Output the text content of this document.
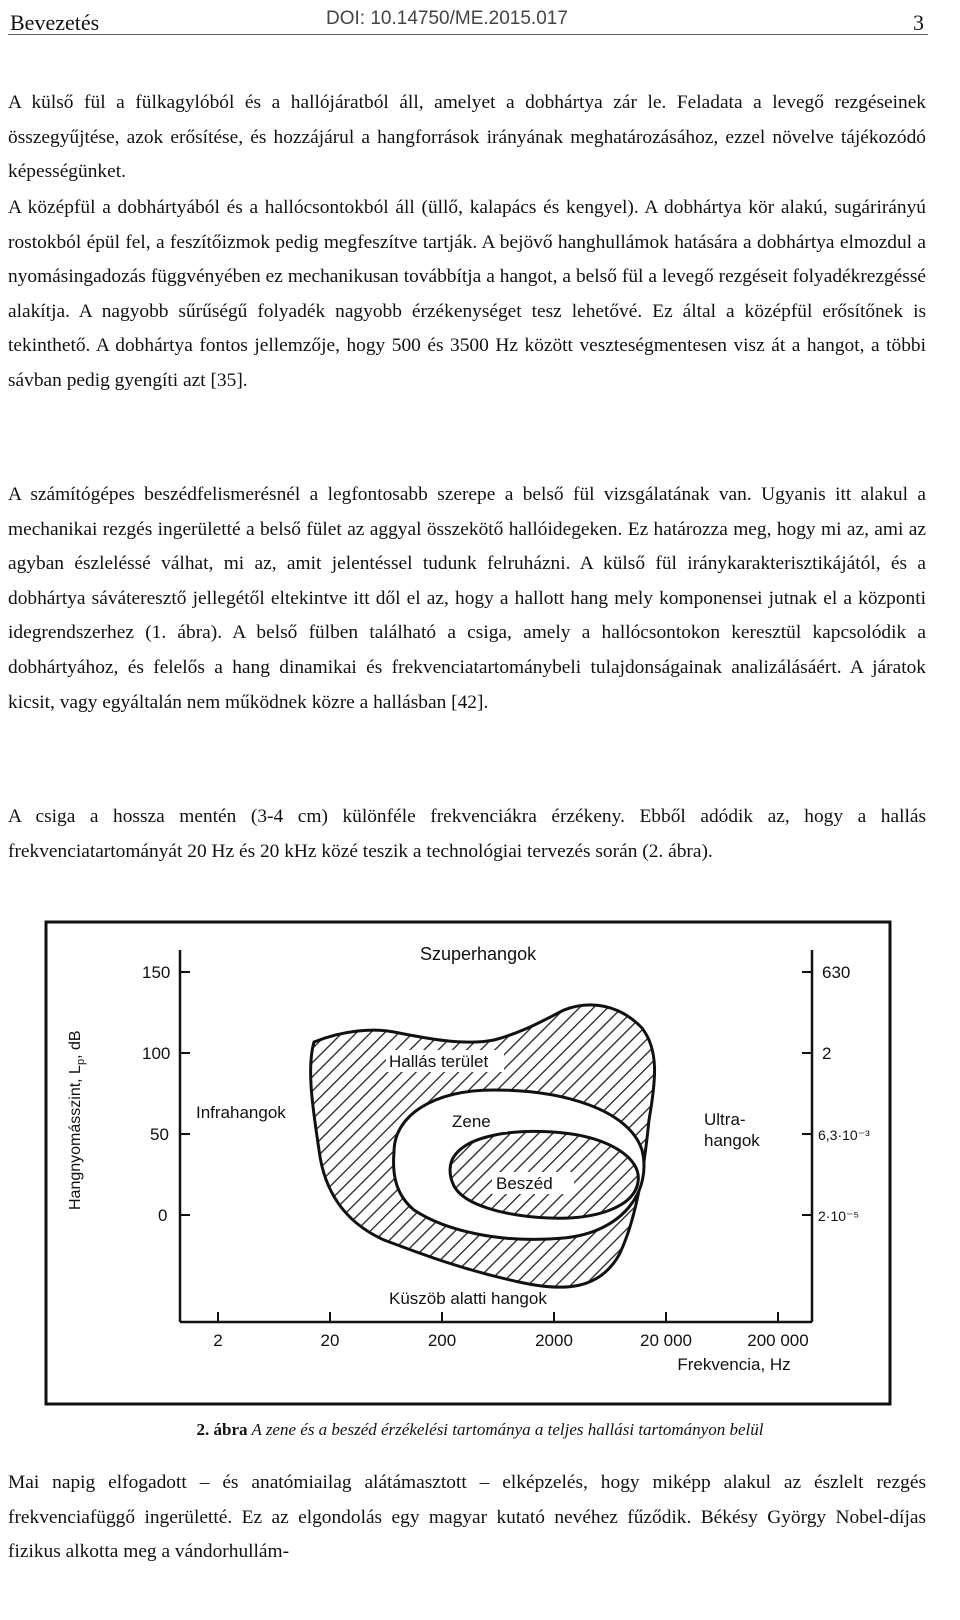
Bevezetés	DOI: 10.14750/ME.2015.017	3

A külső fül a fülkagylóból és a hallójáratból áll, amelyet a dobhártya zár le. Feladata a levegő rezgéseinek összegyűjtése, azok erősítése, és hozzájárul a hangforrások irányának meghatározásához, ezzel növelve tájékozódó képességünket.

A középfül a dobhártyából és a hallócsontokból áll (üllő, kalapács és kengyel). A dobhártya kör alakú, sugárirányú rostokból épül fel, a feszítőizmok pedig megfeszítve tartják. A bejövő hanghullámok hatására a dobhártya elmozdul a nyomásingadozás függvényében ez mechanikusan továbbítja a hangot, a belső fül a levegő rezgéseit folyadékrezgéssé alakítja. A nagyobb sűrűségű folyadék nagyobb érzékenységet tesz lehetővé. Ez által a középfül erősítőnek is tekinthető. A dobhártya fontos jellemzője, hogy 500 és 3500 Hz között veszteségmentesen visz át a hangot, a többi sávban pedig gyengíti azt [35].

A számítógépes beszédfelismerésnél a legfontosabb szerepe a belső fül vizsgálatának van. Ugyanis itt alakul a mechanikai rezgés ingerületté a belső fület az aggyal összekötő hallóidegeken. Ez határozza meg, hogy mi az, ami az agyban észleléssé válhat, mi az, amit jelentéssel tudunk felruházni. A külső fül iránykarakterisztikájától, és a dobhártya sáváteresztő jellegétől eltekintve itt dől el az, hogy a hallott hang mely komponensei jutnak el a központi idegrendszerhez (1. ábra). A belső fülben található a csiga, amely a hallócsontokon keresztül kapcsolódik a dobhártyához, és felelős a hang dinamikai és frekvenciatartománybeli tulajdonságainak analizálásáért. A járatok kicsit, vagy egyáltalán nem működnek közre a hallásban [42].

A csiga a hossza mentén (3-4 cm) különféle frekvenciákra érzékeny. Ebből adódik az, hogy a hallás frekvenciatartományát 20 Hz és 20 kHz közé teszik a technológiai tervezés során (2. ábra).

Hallás terület
Zene
Beszéd
Szuperhangok
Infrahangok	Ultra-
hangok
Küszöb alatti hangok
150
100
50
0
630
2
6,3·10⁻³
2·10⁻⁵
2	20	200	2000	20 000	200 000
Frekvencia, Hz
Hangnyomásszint, $L_p$, dB
2. ábra A zene és a beszéd érzékelési tartománya a teljes hallási tartományon belül

Mai napig elfogadott – és anatómiailag alátámasztott – elképzelés, hogy miképp alakul az észlelt rezgés frekvenciafüggő ingerületté. Ez az elgondolás egy magyar kutató nevéhez fűződik. Békésy György Nobel-díjas fizikus alkotta meg a vándorhullám-
